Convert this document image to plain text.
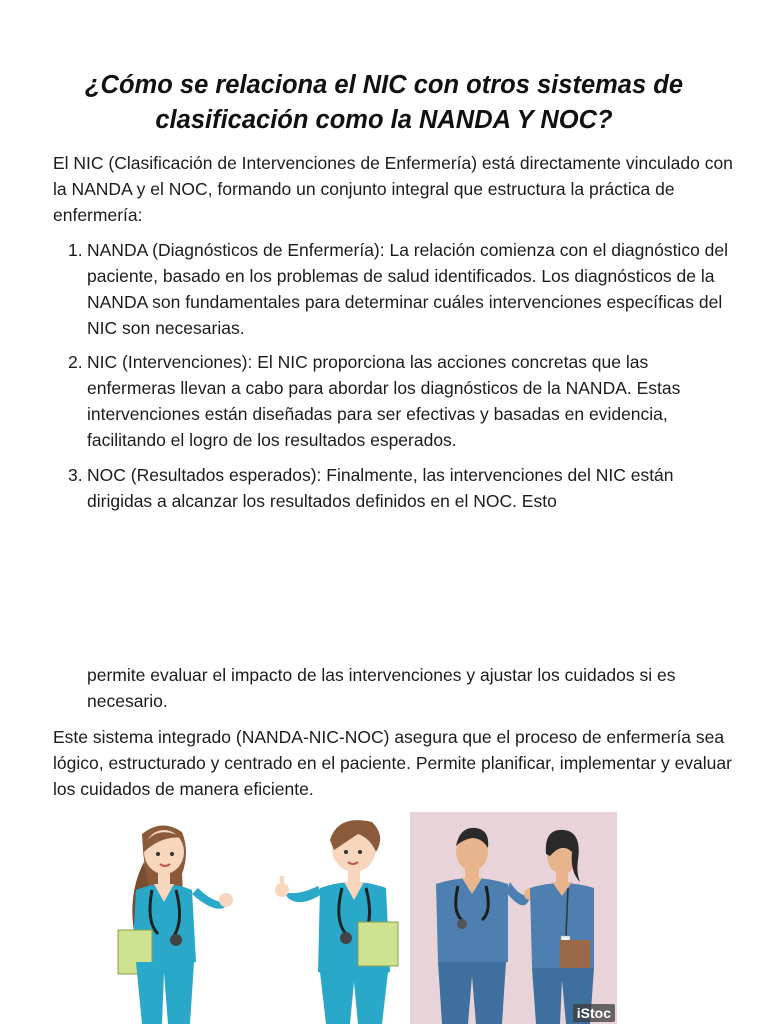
¿Cómo se relaciona el NIC con otros sistemas de clasificación como la NANDA Y NOC?
El NIC (Clasificación de Intervenciones de Enfermería) está directamente vinculado con la NANDA y el NOC, formando un conjunto integral que estructura la práctica de enfermería:
1. NANDA (Diagnósticos de Enfermería): La relación comienza con el diagnóstico del paciente, basado en los problemas de salud identificados. Los diagnósticos de la NANDA son fundamentales para determinar cuáles intervenciones específicas del NIC son necesarias.
2. NIC (Intervenciones): El NIC proporciona las acciones concretas que las enfermeras llevan a cabo para abordar los diagnósticos de la NANDA. Estas intervenciones están diseñadas para ser efectivas y basadas en evidencia, facilitando el logro de los resultados esperados.
3. NOC (Resultados esperados): Finalmente, las intervenciones del NIC están dirigidas a alcanzar los resultados definidos en el NOC. Esto
permite evaluar el impacto de las intervenciones y ajustar los cuidados si es necesario.
Este sistema integrado (NANDA-NIC-NOC) asegura que el proceso de enfermería sea lógico, estructurado y centrado en el paciente. Permite planificar, implementar y evaluar los cuidados de manera eficiente.
iStoc
